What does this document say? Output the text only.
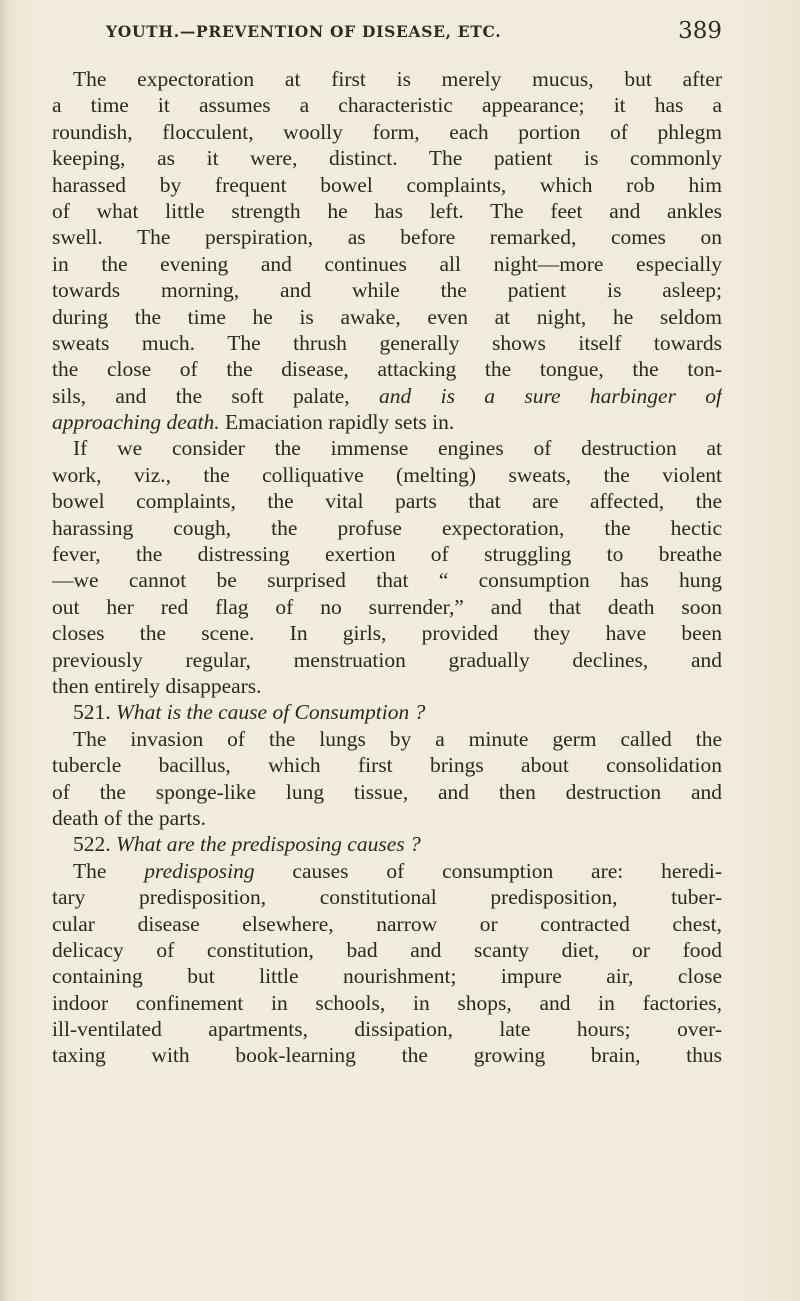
YOUTH.—PREVENTION OF DISEASE, ETC.	389
The expectoration at first is merely mucus, but after
a time it assumes a characteristic appearance; it has a
roundish, flocculent, woolly form, each portion of phlegm
keeping, as it were, distinct. The patient is commonly
harassed by frequent bowel complaints, which rob him
of what little strength he has left. The feet and ankles
swell. The perspiration, as before remarked, comes on
in the evening and continues all night—more especially
towards morning, and while the patient is asleep;
during the time he is awake, even at night, he seldom
sweats much. The thrush generally shows itself towards
the close of the disease, attacking the tongue, the ton-
sils, and the soft palate, and is a sure harbinger of
approaching death. Emaciation rapidly sets in.
If we consider the immense engines of destruction at
work, viz., the colliquative (melting) sweats, the violent
bowel complaints, the vital parts that are affected, the
harassing cough, the profuse expectoration, the hectic
fever, the distressing exertion of struggling to breathe
—we cannot be surprised that “ consumption has hung
out her red flag of no surrender,” and that death soon
closes the scene. In girls, provided they have been
previously regular, menstruation gradually declines, and
then entirely disappears.
521. What is the cause of Consumption ?
The invasion of the lungs by a minute germ called the
tubercle bacillus, which first brings about consolidation
of the sponge-like lung tissue, and then destruction and
death of the parts.
522. What are the predisposing causes ?
The predisposing causes of consumption are: heredi-
tary predisposition, constitutional predisposition, tuber-
cular disease elsewhere, narrow or contracted chest,
delicacy of constitution, bad and scanty diet, or food
containing but little nourishment; impure air, close
indoor confinement in schools, in shops, and in factories,
ill-ventilated apartments, dissipation, late hours; over-
taxing with book-learning the growing brain, thus
